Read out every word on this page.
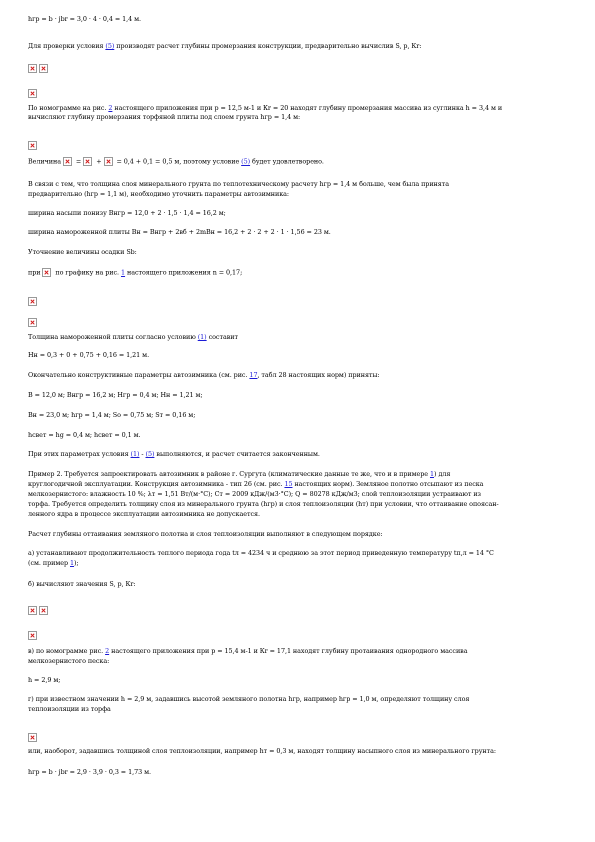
hгр = b · jbr = 3,0 · 4 · 0,4 = 1,4 м.
Для проверки условия (5) производят расчет глубины промерзания конструкции, предварительно вычислив S, p, Кr:
По номограмме на рис. 2 настоящего приложения при p = 12,5 м-1 и Кr = 20 находят глубину промерзания массива из суглинка h = 3,4 м и
вычисляют глубину промерзания торфяной плиты под слоем грунта hгр = 1,4 м:
Величина  =  +  = 0,4 + 0,1 = 0,5 м, поэтому условие (5) будет удовлетворено.
В связи с тем, что толщина слоя минерального грунта по теплотехническому расчету hгр = 1,4 м больше, чем была принята
предварительно (hгр = 1,1 м), необходимо уточнить параметры автозимника:
ширина насыпи понизу Bнгр = 12,0 + 2 · 1,5 · 1,4 = 16,2 м;
ширина намороженной плиты Bн = Bнгр + 2вб + 2mBн = 16,2 + 2 · 2 + 2 · 1 · 1,56 = 23 м.
Уточнение величины осадки Sb:
при  по графику на рис. 1 настоящего приложения n = 0,17;
Толщина намороженной плиты согласно условию (1) составит
Hн = 0,3 + 0 + 0,75 + 0,16 = 1,21 м.
Окончательно конструктивные параметры автозимника (см. рис. 17, табл 28 настоящих норм) приняты:
B = 12,0 м; Bнгр = 16,2 м; Hгр = 0,4 м; Hн = 1,21 м;
Bн = 23,0 м; hгр = 1,4 м; Sо = 0,75 м; Sт = 0,16 м;
hсвет = hg = 0,4 м; hсвет = 0,1 м.
При этих параметрах условия (1) - (5) выполняются, и расчет считается законченным.
Пример 2. Требуется запроектировать автозимник в районе г. Сургута (климатические данные те же, что и в примере 1) для
круглогодичной эксплуатации. Конструкция автозимника - тип 26 (см. рис. 15 настоящих норм). Земляное полотно отсыпают из песка
мелкозернистого: влажность 10 %; λт = 1,51 Вт/(м·°С); Ст = 2009 кДж/(м3·°С); Q = 80278 кДж/м3; слой теплоизоляции устраивают из
торфа. Требуется определить толщину слоя из минерального грунта (hгр) и слоя теплоизоляции (hт) при условии, что оттаивание опоясан-
ленного ядра в процессе эксплуатации автозимника не допускается.
Расчет глубины оттаивания земляного полотна и слоя теплоизоляции выполняют в следующем порядке:
а) устанавливают продолжительность теплого периода года tл = 4234 ч и среднюю за этот период приведенную температуру tп,л = 14 °С
(см. пример 1);
б) вычисляют значения S, p, Кr:
в) по номограмме рис. 2 настоящего приложения при p = 15,4 м-1 и Кr = 17,1 находят глубину протаивания однородного массива
мелкозернистого песка:
h = 2,9 м;
г) при известном значении h = 2,9 м, задавшись высотой земляного полотна hгр, например hгр = 1,0 м, определяют толщину слоя
теплоизоляции из торфа
или, наоборот, задавшись толщиной слоя теплоизоляции, например hт = 0,3 м, находят толщину насыпного слоя из минерального грунта:
hгр = b · jbr = 2,9 · 3,9 · 0,3 = 1,73 м.
